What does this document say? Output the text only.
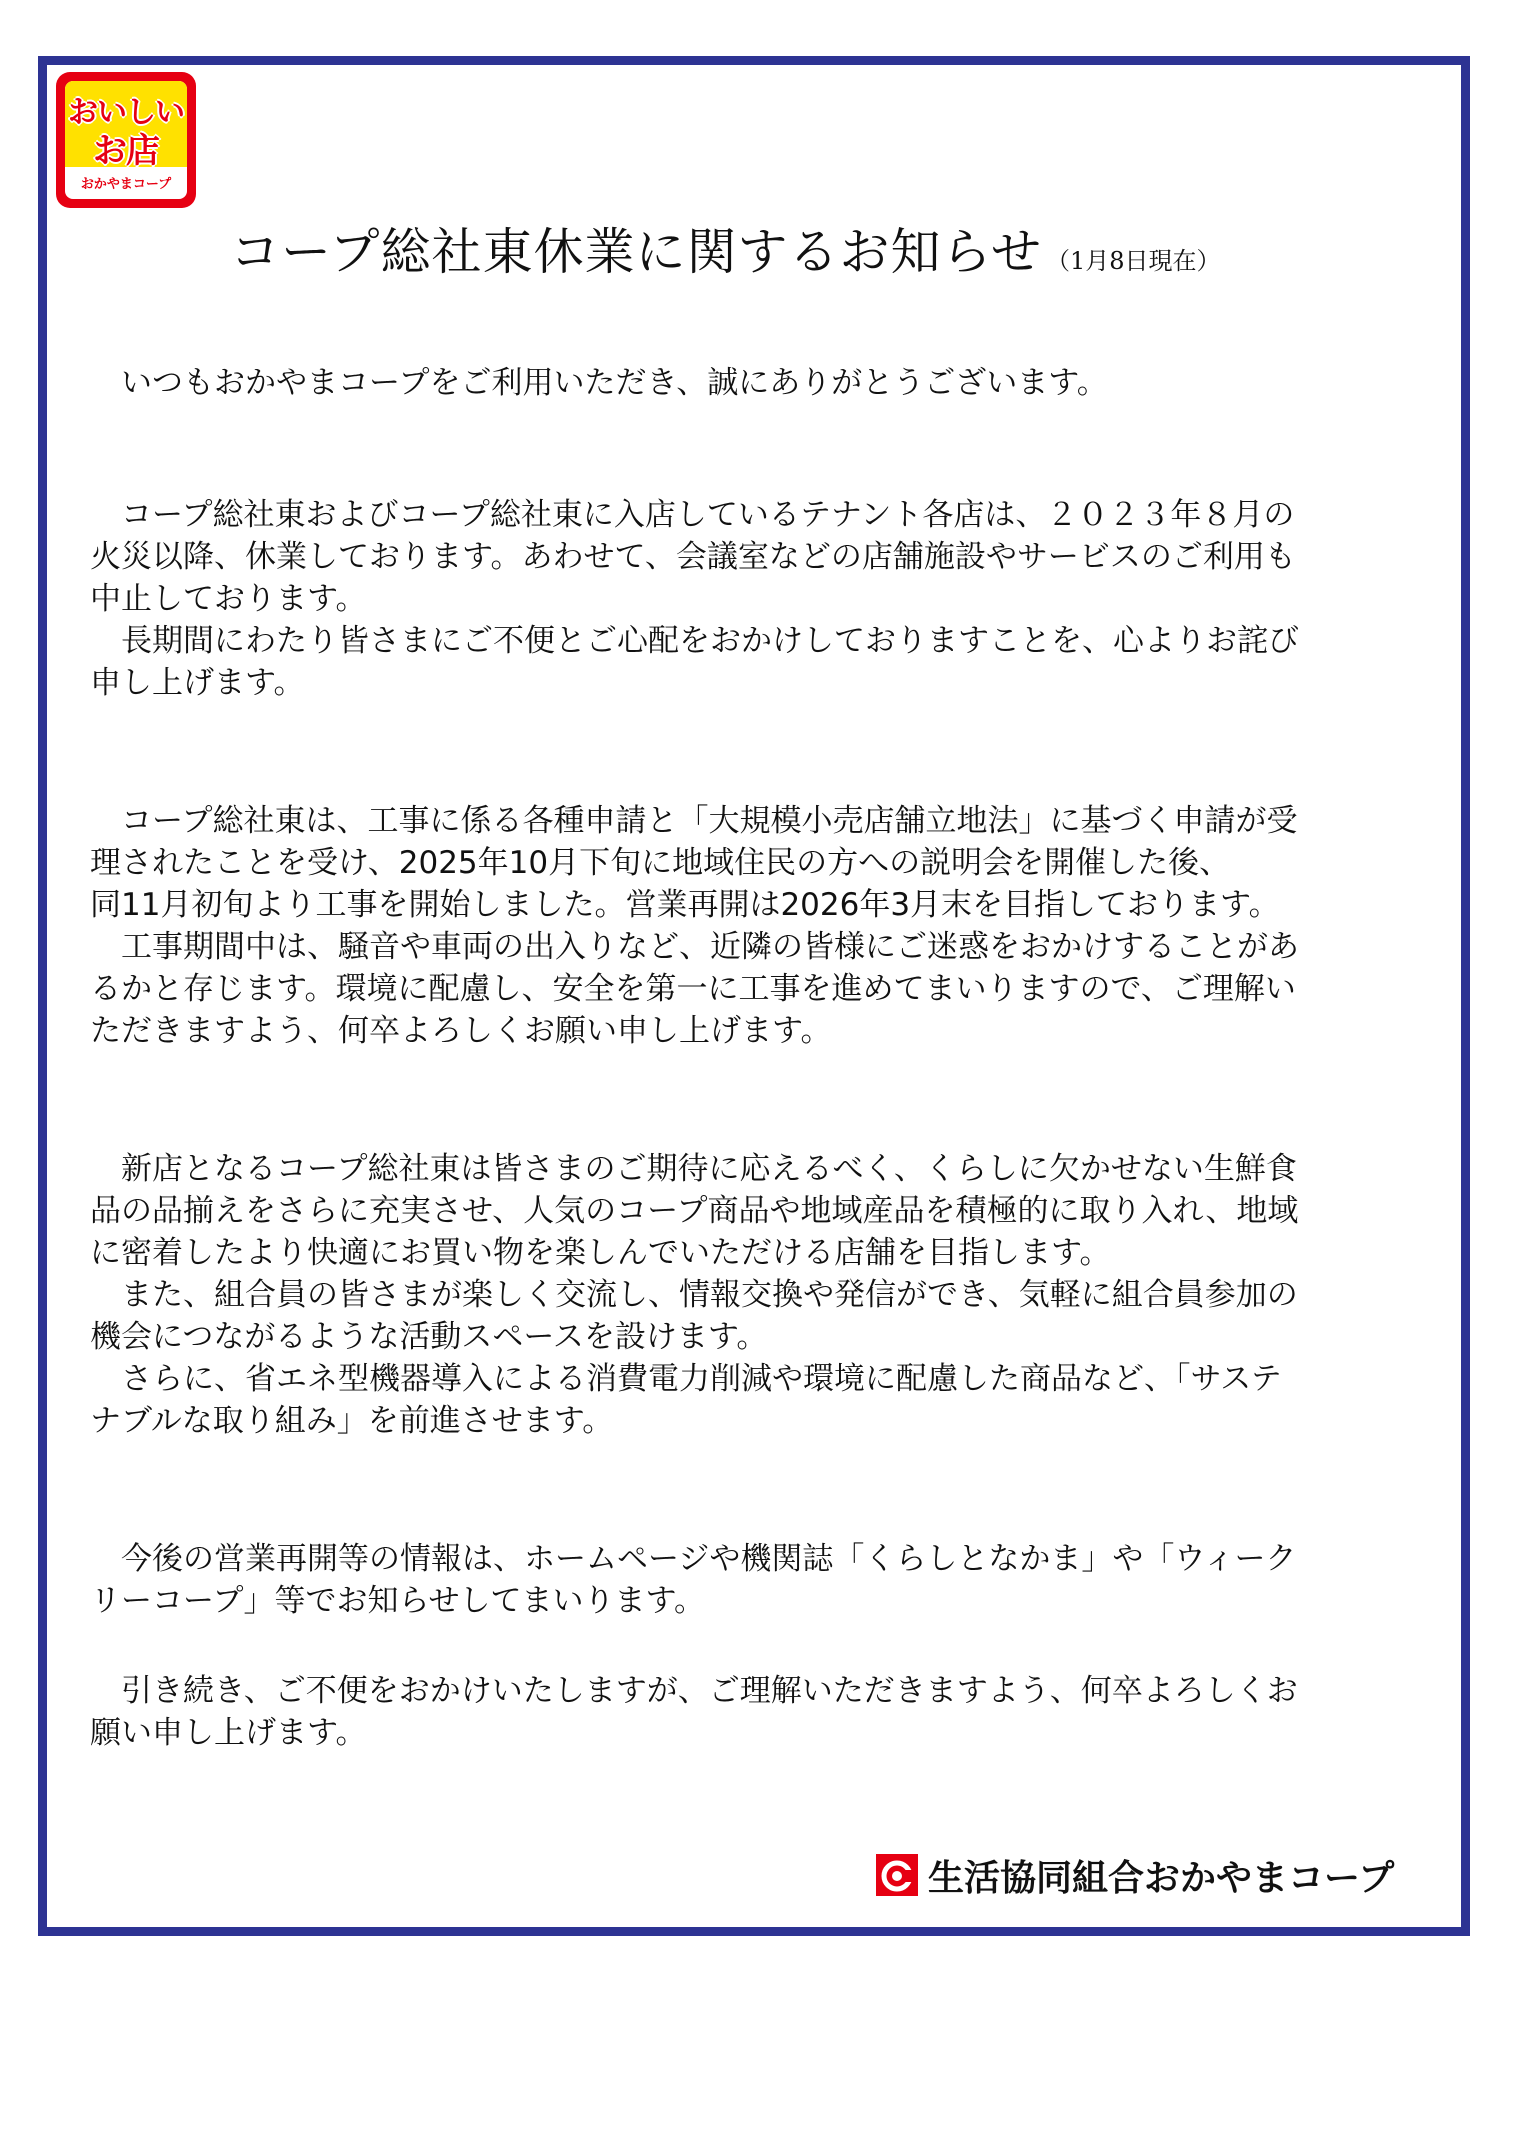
おいしい
お店
おかやまコープ
コープ総社東休業に関するお知らせ （1月8日現在）

　いつもおかやまコープをご利用いただき、誠にありがとうございます。

　コープ総社東およびコープ総社東に入店しているテナント各店は、２０２３年８月の
火災以降、休業しております。あわせて、会議室などの店舗施設やサービスのご利用も
中止しております。

　長期間にわたり皆さまにご不便とご心配をおかけしておりますことを、心よりお詫び
申し上げます。

　コープ総社東は、工事に係る各種申請と「大規模小売店舗立地法」に基づく申請が受
理されたことを受け、2025年10月下旬に地域住民の方への説明会を開催した後、
同11月初旬より工事を開始しました。営業再開は2026年3月末を目指しております。

　工事期間中は、騒音や車両の出入りなど、近隣の皆様にご迷惑をおかけすることがあ
るかと存じます。環境に配慮し、安全を第一に工事を進めてまいりますので、ご理解い
ただきますよう、何卒よろしくお願い申し上げます。

　新店となるコープ総社東は皆さまのご期待に応えるべく、くらしに欠かせない生鮮食
品の品揃えをさらに充実させ、人気のコープ商品や地域産品を積極的に取り入れ、地域
に密着したより快適にお買い物を楽しんでいただける店舗を目指します。

　また、組合員の皆さまが楽しく交流し、情報交換や発信ができ、気軽に組合員参加の
機会につながるような活動スペースを設けます。

　さらに、省エネ型機器導入による消費電力削減や環境に配慮した商品など、「サステ
ナブルな取り組み」を前進させます。

　今後の営業再開等の情報は、ホームページや機関誌「くらしとなかま」や「ウィーク
リーコープ」等でお知らせしてまいります。

　引き続き、ご不便をおかけいたしますが、ご理解いただきますよう、何卒よろしくお
願い申し上げます。

生活協同組合おかやまコープ
